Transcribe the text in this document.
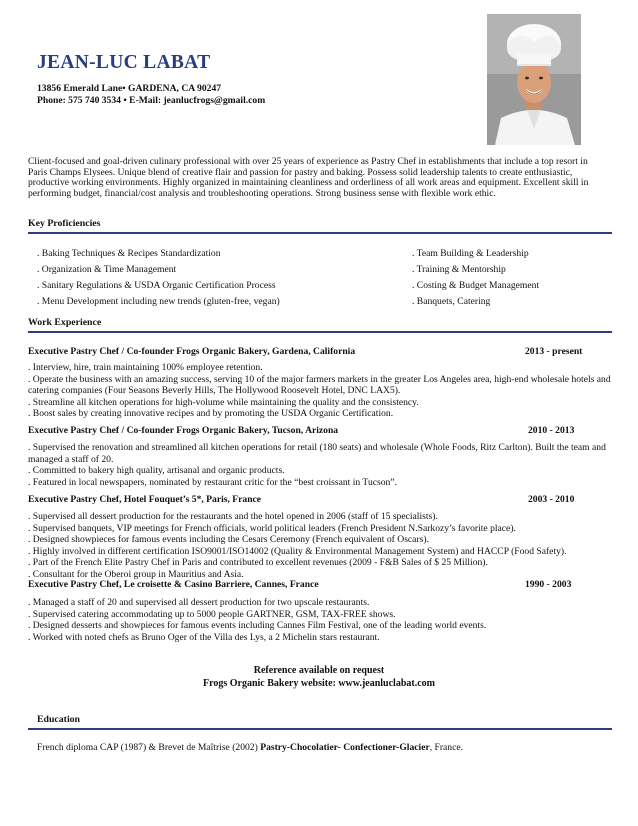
JEAN-LUC LABAT
13856 Emerald Lane• GARDENA, CA 90247
Phone: 575 740 3534 • E-Mail: jeanlucfrogs@gmail.com
Client-focused and goal-driven culinary professional with over 25 years of experience as Pastry Chef in establishments that include a top resort in Paris Champs Elysees. Unique blend of creative flair and passion for pastry and baking. Possess solid leadership talents to create enthusiastic, productive working environments. Highly organized in maintaining cleanliness and orderliness of all work areas and equipment. Excellent skill in performing budget, financial/cost analysis and troubleshooting operations. Strong business sense with flexible work ethic.
Key Proficiencies
. Baking Techniques & Recipes Standardization
. Organization & Time Management
. Sanitary Regulations & USDA Organic Certification Process
. Menu Development including new trends (gluten-free, vegan)
. Team Building & Leadership
. Training & Mentorship
. Costing & Budget Management
. Banquets, Catering
Work Experience
Executive Pastry Chef / Co-founder Frogs Organic Bakery, Gardena, California	2013 - present
. Interview, hire, train maintaining 100% employee retention.
. Operate the business with an amazing success, serving 10 of the major farmers markets in the greater Los Angeles area, high-end wholesale hotels and catering companies (Four Seasons Beverly Hills, The Hollywood Roosevelt Hotel, DNC LAX5).
. Streamline all kitchen operations for high-volume while maintaining the quality and the consistency.
. Boost sales by creating innovative recipes and by promoting the USDA Organic Certification.
Executive Pastry Chef / Co-founder Frogs Organic Bakery, Tucson, Arizona	2010 - 2013
. Supervised the renovation and streamlined all kitchen operations for retail (180 seats) and wholesale (Whole Foods, Ritz Carlton). Built the team and managed a staff of 20.
. Committed to bakery high quality, artisanal and organic products.
. Featured in local newspapers, nominated by restaurant critic for the “best croissant in Tucson”.
Executive Pastry Chef, Hotel Fouquet’s 5*, Paris, France	2003 - 2010
. Supervised all dessert production for the restaurants and the hotel opened in 2006 (staff of 15 specialists).
. Supervised banquets, VIP meetings for French officials, world political leaders (French President N.Sarkozy’s favorite place).
. Designed showpieces for famous events including the Cesars Ceremony (French equivalent of Oscars).
. Highly involved in different certification ISO9001/ISO14002 (Quality & Environmental Management System) and HACCP (Food Safety).
. Part of the French Elite Pastry Chef in Paris and contributed to excellent revenues (2009 - F&B Sales of $ 25 Million).
. Consultant for the Oberoi group in Mauritius and Asia.
Executive Pastry Chef, Le croisette & Casino Barriere, Cannes, France	1990 - 2003
. Managed a staff of 20 and supervised all dessert production for two upscale restaurants.
. Supervised catering accommodating up to 5000 people GARTNER, GSM, TAX-FREE shows.
. Designed desserts and showpieces for famous events including Cannes Film Festival, one of the leading world events.
. Worked with noted chefs as Bruno Oger of the Villa des Lys, a 2 Michelin stars restaurant.
Reference available on request
Frogs Organic Bakery website: www.jeanluclabat.com
Education
French diploma CAP (1987) & Brevet de Maîtrise (2002) Pastry-Chocolatier- Confectioner-Glacier, France.
